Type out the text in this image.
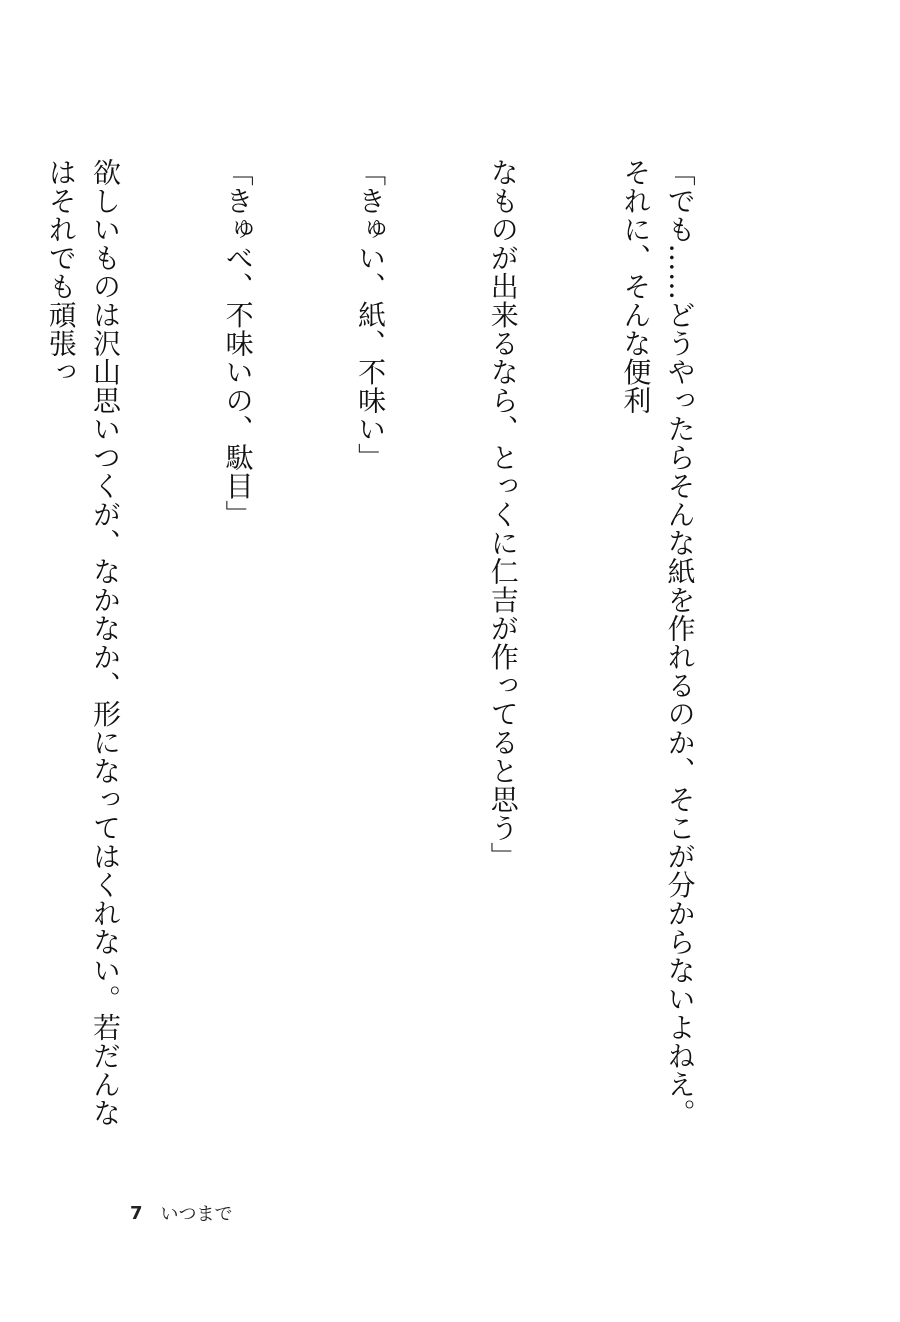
「でも……どうやったらそんな紙を作れるのか、そこが分からないよねえ。それに、そんな便利

なものが出来るなら、とっくに仁吉が作ってると思う」

「きゅい、紙、不味い」

「きゅべ、不味いの、駄目」

欲しいものは沢山思いつくが、なかなか、形になってはくれない。若だんなはそれでも頑張っ

7 いつまで
